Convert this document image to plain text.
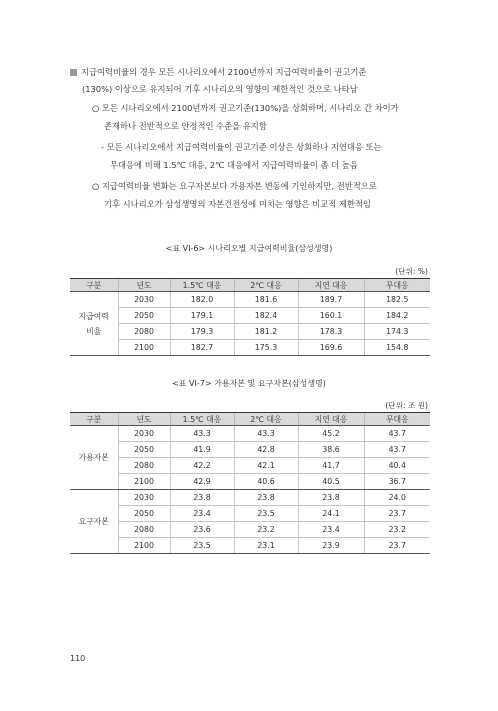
지급여력비율의 경우 모든 시나리오에서 2100년까지 지급여력비율이 권고기준
(130%) 이상으로 유지되어 기후 시나리오의 영향이 제한적인 것으로 나타남
○ 모든 시나리오에서 2100년까지 권고기준(130%)을 상회하며, 시나리오 간 차이가
존재하나 전반적으로 안정적인 수준을 유지함
- 모든 시나리오에서 지급여력비율이 권고기준 이상은 상회하나 지연대응 또는
무대응에 비해 1.5℃ 대응, 2℃ 대응에서 지급여력비율이 좀 더 높음
○ 지급여력비율 변화는 요구자본보다 가용자본 변동에 기인하지만, 전반적으로
기후 시나리오가 삼성생명의 자본건전성에 미치는 영향은 비교적 제한적임
<표 VI-6> 시나리오별 지급여력비율(삼성생명)
(단위: %)
구분	년도	1.5℃ 대응	2℃ 대응	지연 대응	무대응
지급여력
비율	2030	182.0	181.6	189.7	182.5
	2050	179.1	182.4	160.1	184.2
	2080	179.3	181.2	178.3	174.3
	2100	182.7	175.3	169.6	154.8
<표 VI-7> 가용자본 및 요구자본(삼성생명)
(단위: 조 원)
구분	년도	1.5℃ 대응	2℃ 대응	지연 대응	무대응
가용자본	2030	43.3	43.3	45.2	43.7
	2050	41.9	42.8	38.6	43.7
	2080	42.2	42.1	41.7	40.4
	2100	42.9	40.6	40.5	36.7
요구자본	2030	23.8	23.8	23.8	24.0
	2050	23.4	23.5	24.1	23.7
	2080	23.6	23.2	23.4	23.2
	2100	23.5	23.1	23.9	23.7
110
